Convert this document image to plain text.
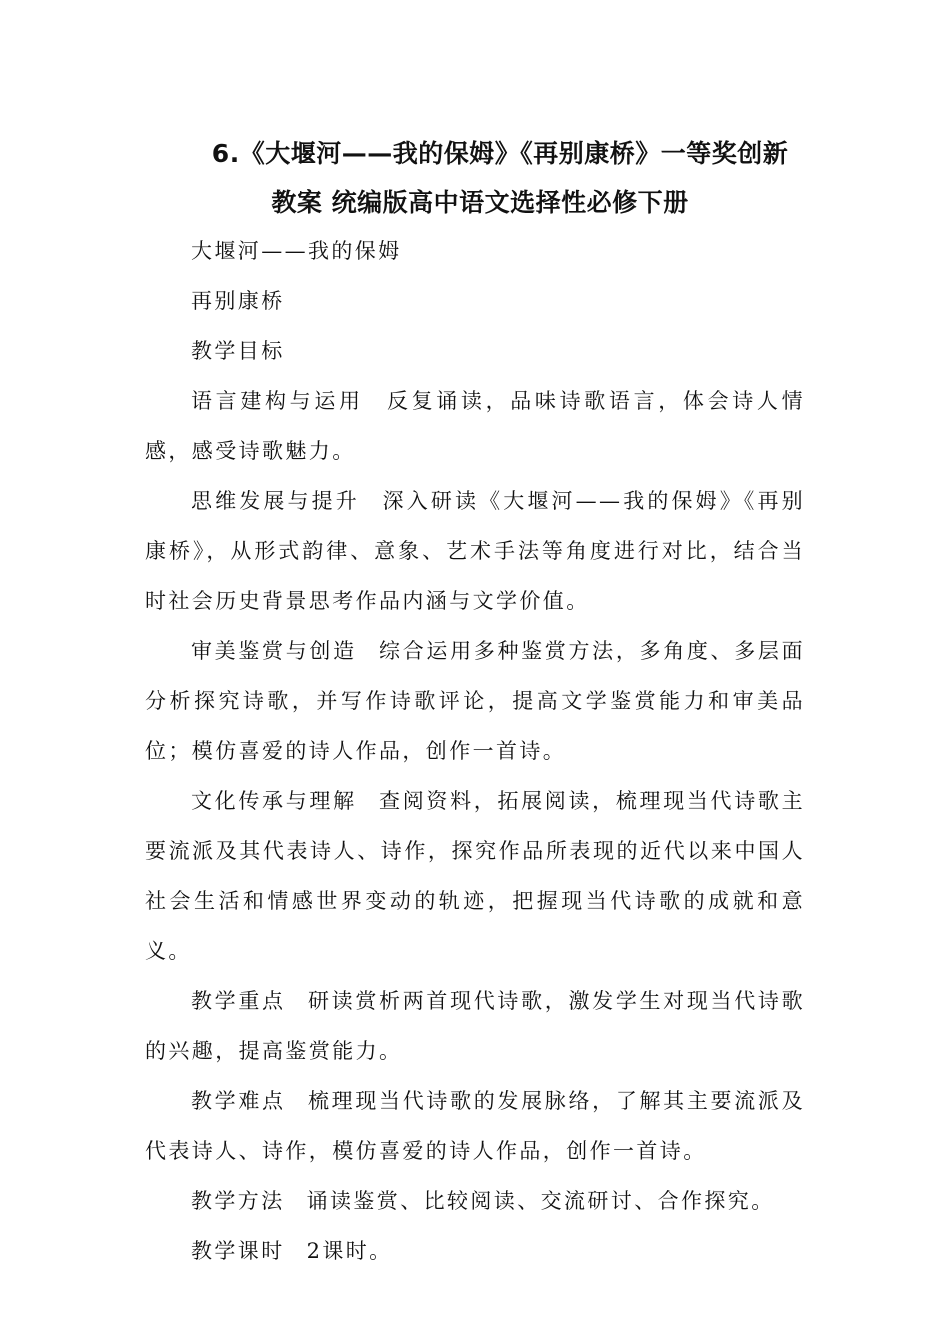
6.《大堰河——我的保姆》《再别康桥》一等奖创新
教案 统编版高中语文选择性必修下册

大堰河——我的保姆

再别康桥

教学目标

语言建构与运用 反复诵读，品味诗歌语言，体会诗人情感，感受诗歌魅力。

思维发展与提升 深入研读《大堰河——我的保姆》《再别康桥》，从形式韵律、意象、艺术手法等角度进行对比，结合当时社会历史背景思考作品内涵与文学价值。

审美鉴赏与创造 综合运用多种鉴赏方法，多角度、多层面分析探究诗歌，并写作诗歌评论，提高文学鉴赏能力和审美品位；模仿喜爱的诗人作品，创作一首诗。

文化传承与理解 查阅资料，拓展阅读，梳理现当代诗歌主要流派及其代表诗人、诗作，探究作品所表现的近代以来中国人社会生活和情感世界变动的轨迹，把握现当代诗歌的成就和意义。

教学重点 研读赏析两首现代诗歌，激发学生对现当代诗歌的兴趣，提高鉴赏能力。

教学难点 梳理现当代诗歌的发展脉络，了解其主要流派及代表诗人、诗作，模仿喜爱的诗人作品，创作一首诗。

教学方法 诵读鉴赏、比较阅读、交流研讨、合作探究。

教学课时 2课时。
